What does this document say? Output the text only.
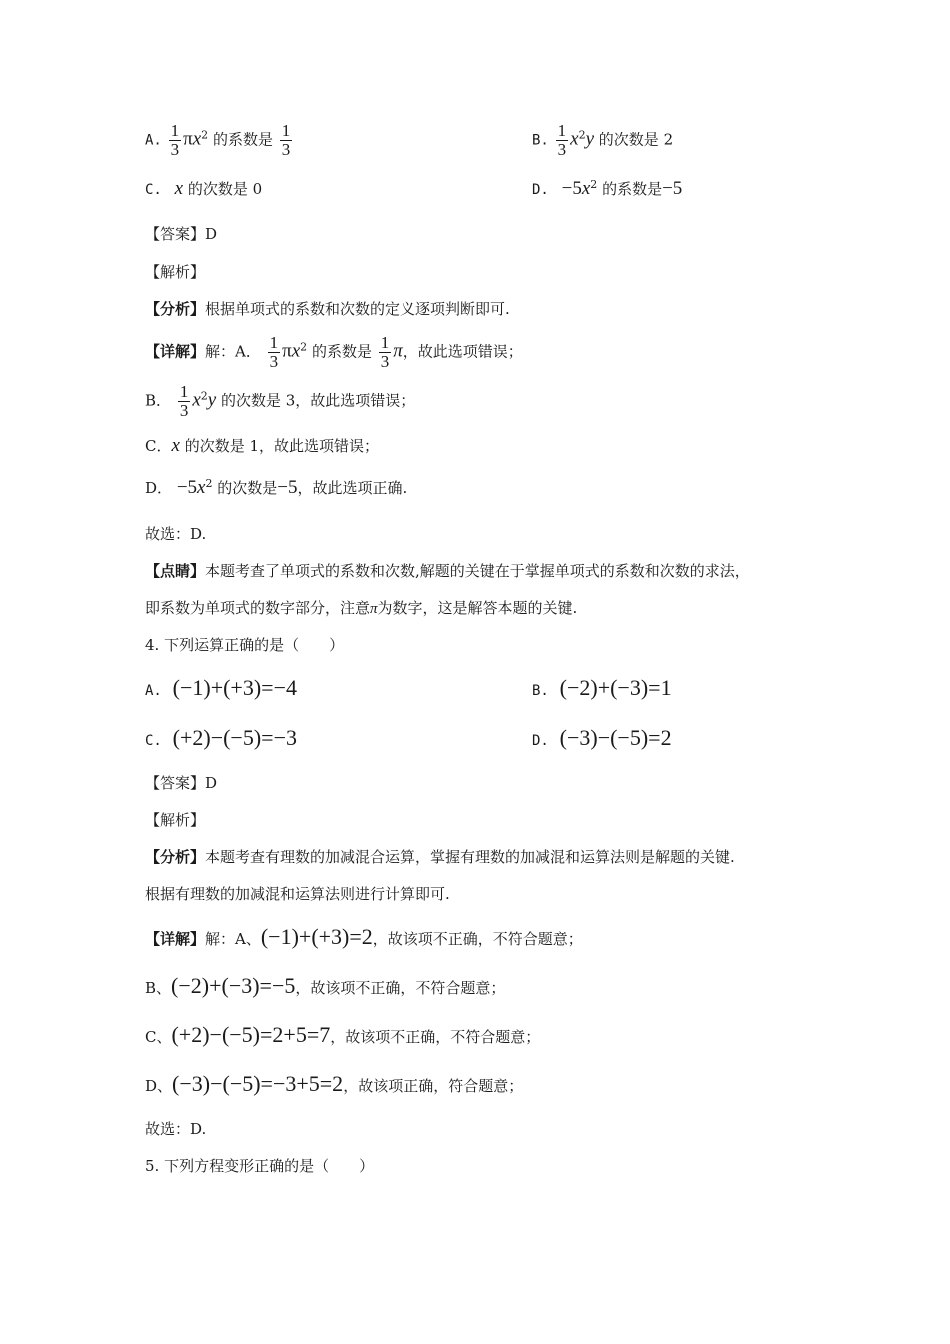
A. $\frac{1}{3} \pi x^2$ 的系数是 $\frac{1}{3}$	B. $\frac{1}{3} x^2y$ 的次数是 2
C. x 的次数是 0	D. $-5x^2$ 的系数是−5
【答案】D
【解析】
【分析】根据单项式的系数和次数的定义逐项判断即可.
【详解】解：A． $\frac{1}{3} \pi x^2$ 的系数是 $\frac{1}{3}$ π，故此选项错误；
B． $\frac{1}{3} x^2y$ 的次数是 3，故此选项错误；
C．x 的次数是 1，故此选项错误；
D． $-5x^2$ 的次数是−5，故此选项正确.
故选：D.
【点睛】本题考查了单项式的系数和次数,解题的关键在于掌握单项式的系数和次数的求法，
即系数为单项式的数字部分，注意π为数字，这是解答本题的关键.
4. 下列运算正确的是（　　）
A. (−1)+(+3)=−4	B. (−2)+(−3)=1
C. (+2)−(−5)=−3	D. (−3)−(−5)=2
【答案】D
【解析】
【分析】本题考查有理数的加减混合运算，掌握有理数的加减混和运算法则是解题的关键.
根据有理数的加减混和运算法则进行计算即可.
【详解】解：A、(−1)+(+3)=2，故该项不正确，不符合题意；
B、(−2)+(−3)=−5，故该项不正确，不符合题意；
C、(+2)−(−5)=2+5=7，故该项不正确，不符合题意；
D、(−3)−(−5)=−3+5=2，故该项正确，符合题意；
故选：D.
5. 下列方程变形正确的是（　　）
